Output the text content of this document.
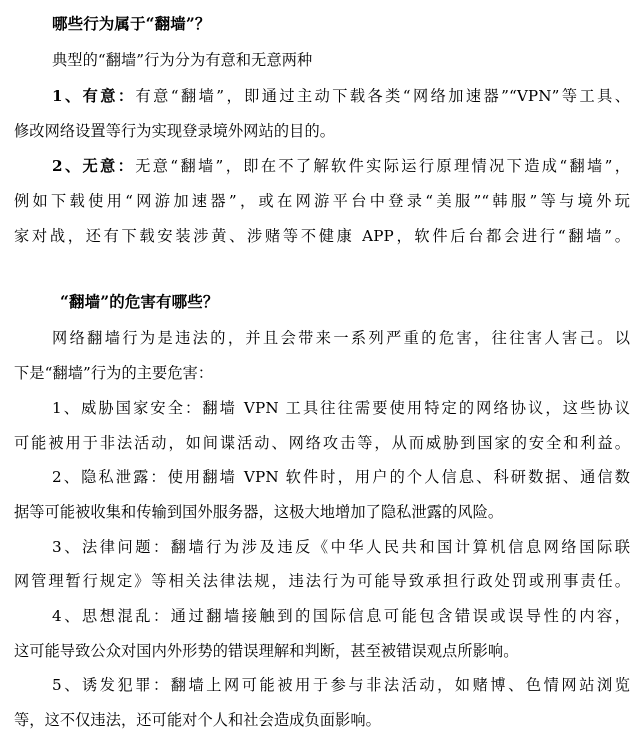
哪些行为属于“翻墙”？
典型的“翻墙”行为分为有意和无意两种
1、有意：有意“翻墙”，即通过主动下载各类“网络加速器”“VPN”等工具、
修改网络设置等行为实现登录境外网站的目的。
2、无意：无意“翻墙”，即在不了解软件实际运行原理情况下造成“翻墙”，
例如下载使用“网游加速器”，或在网游平台中登录“美服”“韩服”等与境外玩
家对战，还有下载安装涉黄、涉赌等不健康 APP，软件后台都会进行“翻墙”。
“翻墙”的危害有哪些？
网络翻墙行为是违法的，并且会带来一系列严重的危害，往往害人害己。以
下是“翻墙”行为的主要危害：
1、威胁国家安全：翻墙 VPN 工具往往需要使用特定的网络协议，这些协议
可能被用于非法活动，如间谍活动、网络攻击等，从而威胁到国家的安全和利益。
2、隐私泄露：使用翻墙 VPN 软件时，用户的个人信息、科研数据、通信数
据等可能被收集和传输到国外服务器，这极大地增加了隐私泄露的风险。
3、法律问题：翻墙行为涉及违反《中华人民共和国计算机信息网络国际联
网管理暂行规定》等相关法律法规，违法行为可能导致承担行政处罚或刑事责任。
4、思想混乱：通过翻墙接触到的国际信息可能包含错误或误导性的内容，
这可能导致公众对国内外形势的错误理解和判断，甚至被错误观点所影响。
5、诱发犯罪：翻墙上网可能被用于参与非法活动，如赌博、色情网站浏览
等，这不仅违法，还可能对个人和社会造成负面影响。
